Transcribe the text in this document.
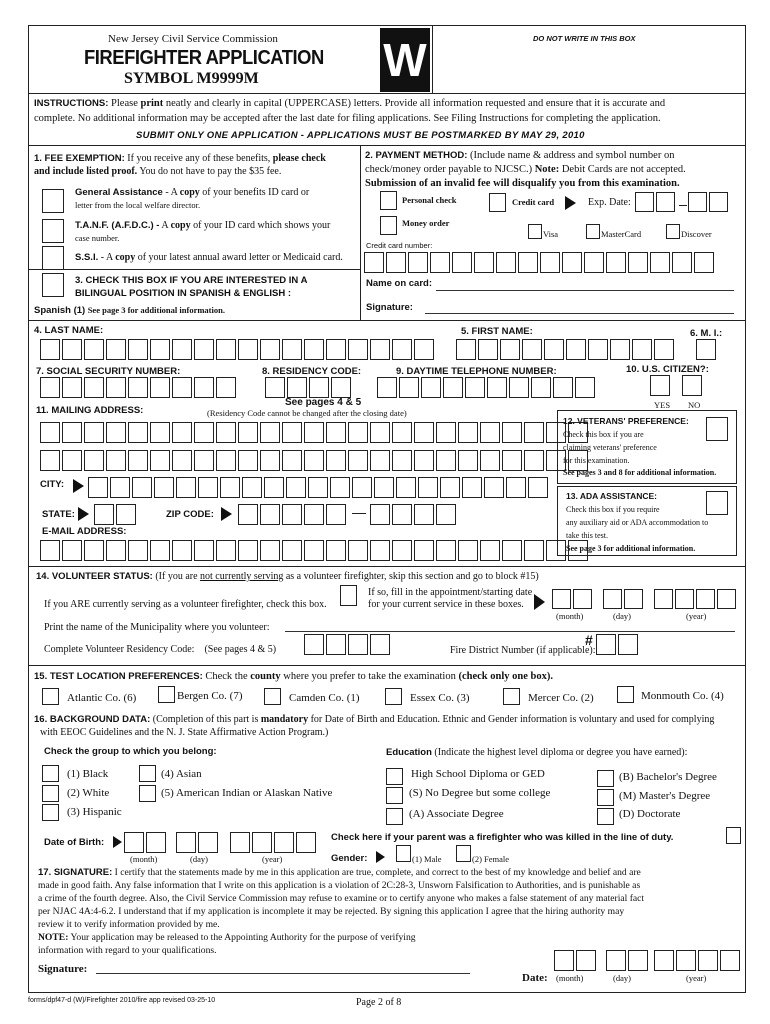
New Jersey Civil Service Commission
FIREFIGHTER APPLICATION
SYMBOL M9999M	W	DO NOT WRITE IN THIS BOX
INSTRUCTIONS: Please print neatly and clearly in capital (UPPERCASE) letters. Provide all information requested and ensure that it is accurate and
complete. No additional information may be accepted after the last date for filing applications. See Filing Instructions for completing the application.
SUBMIT ONLY ONE APPLICATION - APPLICATIONS MUST BE POSTMARKED BY MAY 29, 2010
1. FEE EXEMPTION: If you receive any of these benefits, please check
and include listed proof. You do not have to pay the $35 fee.
General Assistance - A copy of your benefits ID card or
letter from the local welfare director.
T.A.N.F. (A.F.D.C.) - A copy of your ID card which shows your
case number.
S.S.I. - A copy of your latest annual award letter or Medicaid card.
3. CHECK THIS BOX IF YOU ARE INTERESTED IN A
BILINGUAL POSITION IN SPANISH & ENGLISH :
Spanish (1) See page 3 for additional information.
2. PAYMENT METHOD: (Include name & address and symbol number on
check/money order payable to NJCSC.) Note: Debit Cards are not accepted.
Submission of an invalid fee will disqualify you from this examination.
Personal check	Credit card	Exp. Date:
Money order
Visa	MasterCard	Discover
Credit card number:
Name on card:
Signature:
4. LAST NAME:	5. FIRST NAME:	6. M. I.:
7. SOCIAL SECURITY NUMBER:	8. RESIDENCY CODE:	9. DAYTIME TELEPHONE NUMBER:	10. U.S. CITIZEN?:
YES NO
See pages 4 & 5
(Residency Code cannot be changed after the closing date)
11. MAILING ADDRESS:
CITY:
STATE:	ZIP CODE:
E-MAIL ADDRESS:
12. VETERANS' PREFERENCE:
Check this box if you are
claiming veterans' preference
for this examination.
See pages 3 and 8 for additional information.
13. ADA ASSISTANCE:
Check this box if you require
any auxiliary aid or ADA accommodation to
take this test.
See page 3 for additional information.
14. VOLUNTEER STATUS: (If you are not currently serving as a volunteer firefighter, skip this section and go to block #15)
If you ARE currently serving as a volunteer firefighter, check this box.
If so, fill in the appointment/starting date
for your current service in these boxes.
(month)	(day)	(year)
Print the name of the Municipality where you volunteer:
Complete Volunteer Residency Code: (See pages 4 & 5)	Fire District Number (if applicable):
#
15. TEST LOCATION PREFERENCES: Check the county where you prefer to take the examination (check only one box).
Atlantic Co. (6)	Bergen Co. (7)	Camden Co. (1)	Essex Co. (3)	Mercer Co. (2)	Monmouth Co. (4)
16. BACKGROUND DATA: (Completion of this part is mandatory for Date of Birth and Education. Ethnic and Gender information is voluntary and used for complying
with EEOC Guidelines and the N. J. State Affirmative Action Program.)
Check the group to which you belong:	Education (Indicate the highest level diploma or degree you have earned):
(1) Black
(2) White
(3) Hispanic
(4) Asian
(5) American Indian or Alaskan Native
High School Diploma or GED
(S) No Degree but some college
(A) Associate Degree
(B) Bachelor's Degree
(M) Master's Degree
(D) Doctorate
Date of Birth:
(month)	(day)	(year)
Check here if your parent was a firefighter who was killed in the line of duty.
Gender:	(1) Male	(2) Female
17. SIGNATURE: I certify that the statements made by me in this application are true, complete, and correct to the best of my knowledge and belief and are
made in good faith. Any false information that I write on this application is a violation of 2C:28-3, Unsworn Falsification to Authorities, and is punishable as
a crime of the fourth degree. Also, the Civil Service Commission may refuse to examine or to certify anyone who makes a false statement of any material fact
per NJAC 4A:4-6.2. I understand that if my application is incomplete it may be rejected. By signing this application I agree that the hiring authority may
review it to verify information provided by me.
NOTE: Your application may be released to the Appointing Authority for the purpose of verifying
information with regard to your qualifications.
Signature:
Date: (month)	(day)	(year)
forms/dpf47-d (W)/Firefighter 2010/fire app revised 03-25-10	Page 2 of 8
